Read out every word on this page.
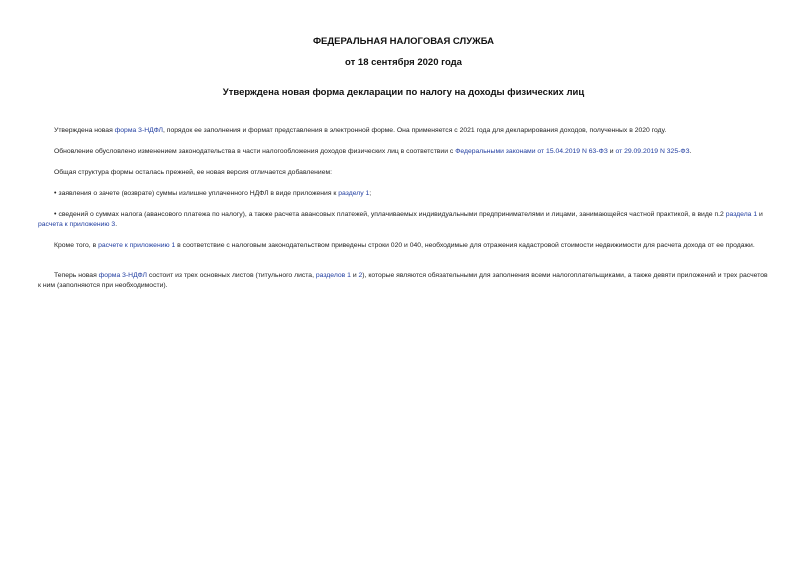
ФЕДЕРАЛЬНАЯ НАЛОГОВАЯ СЛУЖБА
от 18 сентября 2020 года
Утверждена новая форма декларации по налогу на доходы физических лиц
Утверждена новая форма 3-НДФЛ, порядок ее заполнения и формат представления в электронной форме. Она применяется с 2021 года для декларирования доходов, полученных в 2020 году.
Обновление обусловлено изменением законодательства в части налогообложения доходов физических лиц в соответствии с Федеральными законами от 15.04.2019 N 63-ФЗ и от 29.09.2019 N 325-ФЗ.
Общая структура формы осталась прежней, ее новая версия отличается добавлением:
• заявления о зачете (возврате) суммы излишне уплаченного НДФЛ в виде приложения к разделу 1;
• сведений о суммах налога (авансового платежа по налогу), а также расчета авансовых платежей, уплачиваемых индивидуальными предпринимателями и лицами, занимающейся частной практикой, в виде п.2 раздела 1 и расчета к приложению 3.
Кроме того, в расчете к приложению 1 в соответствие с налоговым законодательством приведены строки 020 и 040, необходимые для отражения кадастровой стоимости недвижимости для расчета дохода от ее продажи.
Теперь новая форма 3-НДФЛ состоит из трех основных листов (титульного листа, разделов 1 и 2), которые являются обязательными для заполнения всеми налогоплательщиками, а также девяти приложений и трех расчетов к ним (заполняются при необходимости).
